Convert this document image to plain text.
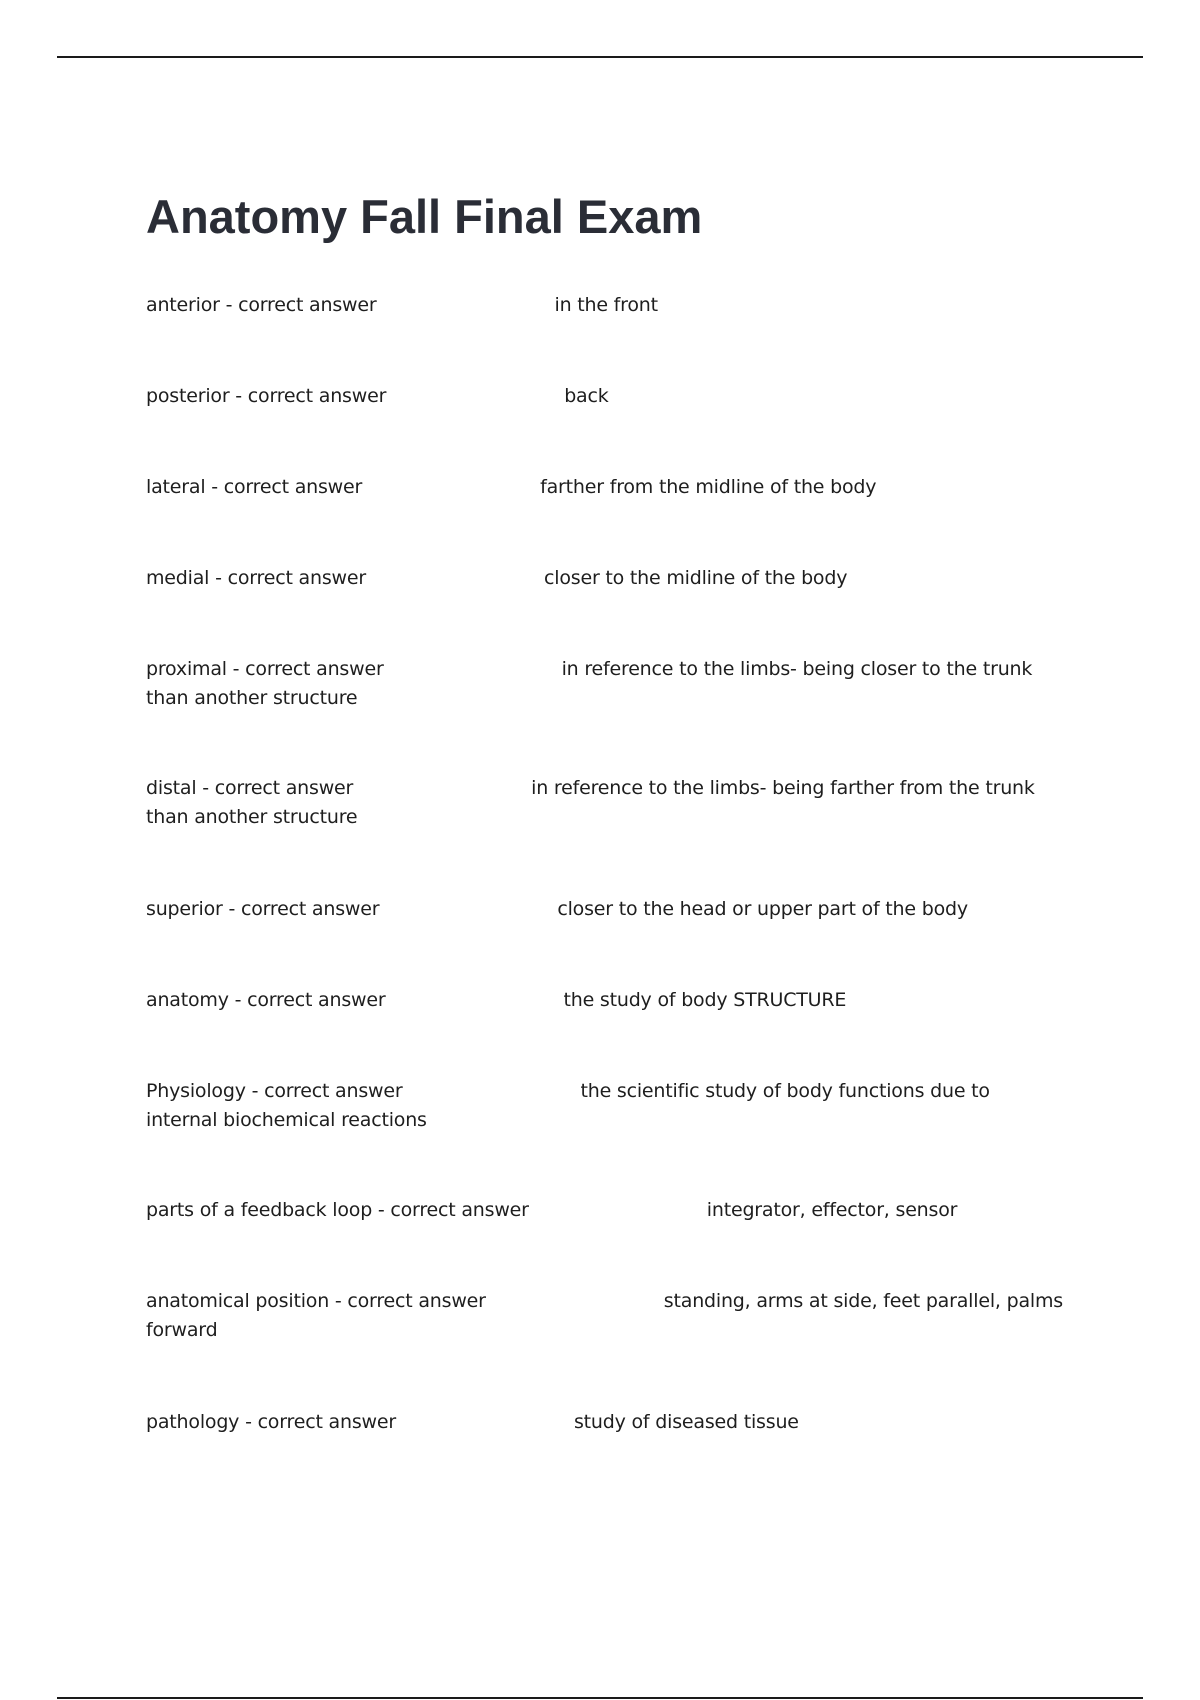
Anatomy Fall Final Exam
anterior - correct answer	in the front
posterior - correct answer	back
lateral - correct answer	farther from the midline of the body
medial - correct answer	closer to the midline of the body
proximal - correct answer	in reference to the limbs- being closer to the trunk than another structure
distal - correct answer	in reference to the limbs- being farther from the trunk than another structure
superior - correct answer	closer to the head or upper part of the body
anatomy - correct answer	the study of body STRUCTURE
Physiology - correct answer	the scientific study of body functions due to internal biochemical reactions
parts of a feedback loop - correct answer	integrator, effector, sensor
anatomical position - correct answer	standing, arms at side, feet parallel, palms forward
pathology - correct answer	study of diseased tissue
